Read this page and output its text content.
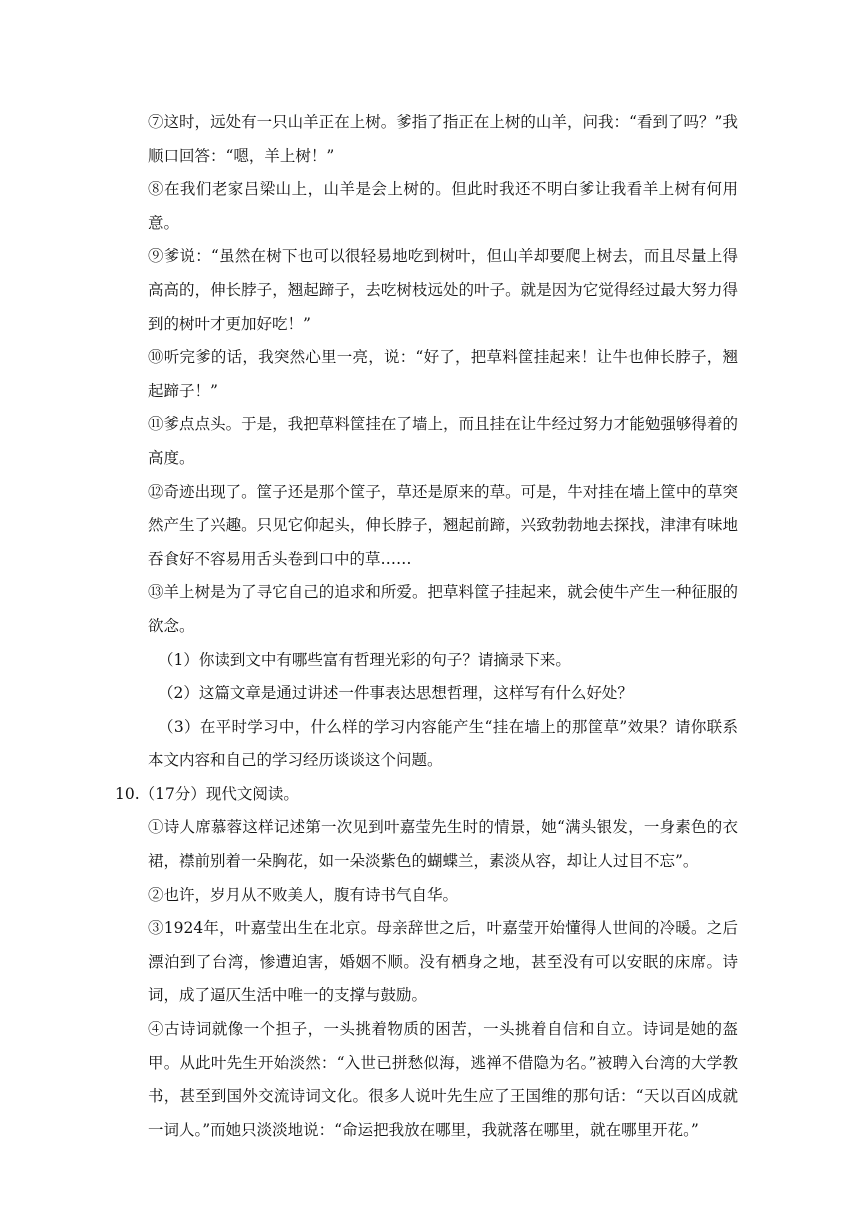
⑦这时，远处有一只山羊正在上树。爹指了指正在上树的山羊，问我：“看到了吗？”我顺口回答：“嗯，羊上树！”

⑧在我们老家吕梁山上，山羊是会上树的。但此时我还不明白爹让我看羊上树有何用意。

⑨爹说：“虽然在树下也可以很轻易地吃到树叶，但山羊却要爬上树去，而且尽量上得高高的，伸长脖子，翘起蹄子，去吃树枝远处的叶子。就是因为它觉得经过最大努力得到的树叶才更加好吃！”

⑩听完爹的话，我突然心里一亮，说：“好了，把草料筐挂起来！让牛也伸长脖子，翘起蹄子！”

⑪爹点点头。于是，我把草料筐挂在了墙上，而且挂在让牛经过努力才能勉强够得着的高度。

⑫奇迹出现了。筐子还是那个筐子，草还是原来的草。可是，牛对挂在墙上筐中的草突然产生了兴趣。只见它仰起头，伸长脖子，翘起前蹄，兴致勃勃地去探找，津津有味地吞食好不容易用舌头卷到口中的草……

⑬羊上树是为了寻它自己的追求和所爱。把草料筐子挂起来，就会使牛产生一种征服的欲念。

（1）你读到文中有哪些富有哲理光彩的句子？请摘录下来。

（2）这篇文章是通过讲述一件事表达思想哲理，这样写有什么好处？

（3）在平时学习中，什么样的学习内容能产生“挂在墙上的那筐草”效果？请你联系本文内容和自己的学习经历谈谈这个问题。

10.（17分）现代文阅读。

①诗人席慕蓉这样记述第一次见到叶嘉莹先生时的情景，她“满头银发，一身素色的衣裙，襟前别着一朵胸花，如一朵淡紫色的蝴蝶兰，素淡从容，却让人过目不忘”。

②也许，岁月从不败美人，腹有诗书气自华。

③1924年，叶嘉莹出生在北京。母亲辞世之后，叶嘉莹开始懂得人世间的冷暖。之后漂泊到了台湾，惨遭迫害，婚姻不顺。没有栖身之地，甚至没有可以安眠的床席。诗词，成了逼仄生活中唯一的支撑与鼓励。

④古诗词就像一个担子，一头挑着物质的困苦，一头挑着自信和自立。诗词是她的盔甲。从此叶先生开始淡然：“入世已拼愁似海，逃禅不借隐为名。”被聘入台湾的大学教书，甚至到国外交流诗词文化。很多人说叶先生应了王国维的那句话：“天以百凶成就一词人。”而她只淡淡地说：“命运把我放在哪里，我就落在哪里，就在哪里开花。”
